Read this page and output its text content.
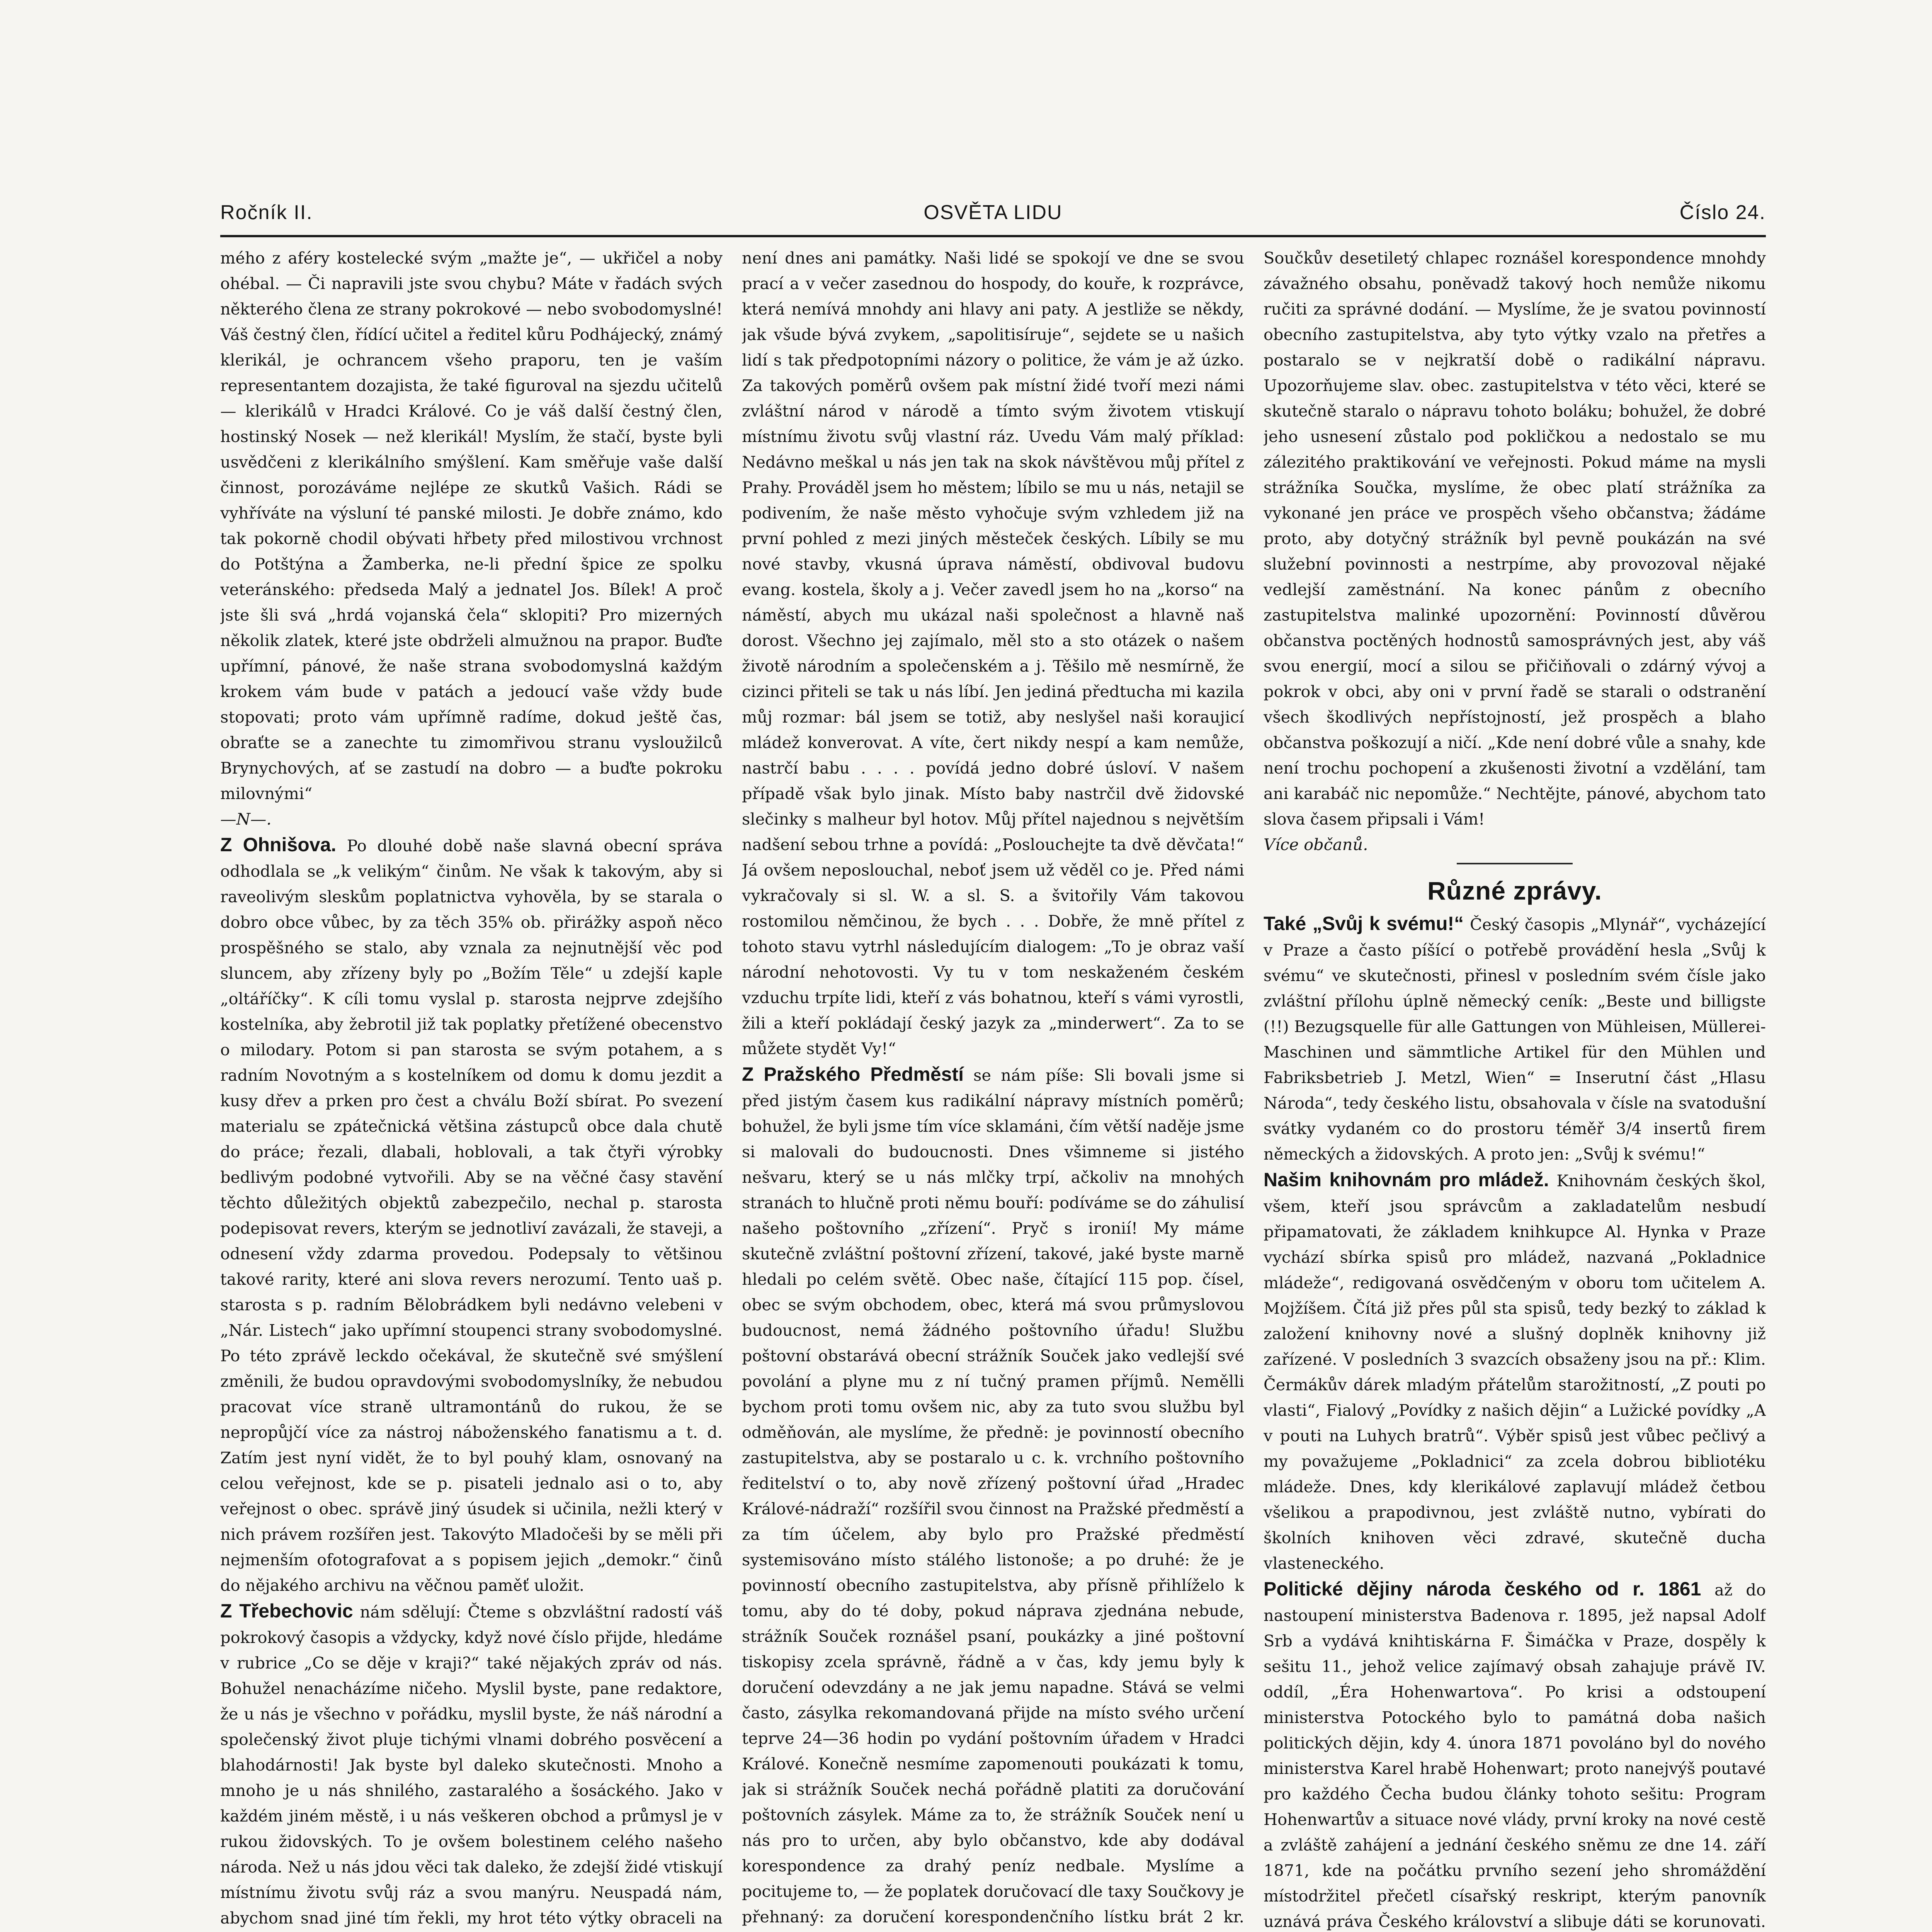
Ročník II.	OSVĚTA LIDU	Číslo 24.

mého z aféry kostelecké svým „mažte je“, — ukřičel a noby ohébal. — Či napravili jste svou chybu? Máte v řadách svých některého člena ze strany pokrokové — nebo svobodomyslné! Váš čestný člen, řídící učitel a ředitel kůru Podhájecký, známý klerikál, je ochrancem všeho praporu, ten je vaším representantem dozajista, že také figuroval na sjezdu učitelů — klerikálů v Hradci Králové. Co je váš další čestný člen, hostinský Nosek — než klerikál! Myslím, že stačí, byste byli usvědčeni z klerikálního smýšlení. Kam směřuje vaše další činnost, porozáváme nejlépe ze skutků Vašich. Rádi se vyhříváte na výsluní té panské milosti. Je dobře známo, kdo tak pokorně chodil obývati hřbety před milostivou vrchnost do Potštýna a Žamberka, ne-li přední špice ze spolku veteránského: předseda Malý a jednatel Jos. Bílek! A proč jste šli svá „hrdá vojanská čela“ sklopiti? Pro mizerných několik zlatek, které jste obdrželi almužnou na prapor. Buďte upřímní, pánové, že naše strana svobodomyslná každým krokem vám bude v patách a jedoucí vaše vždy bude stopovati; proto vám upřímně radíme, dokud ještě čas, obraťte se a zanechte tu zimomřivou stranu vysloužilců Brynychových, ať se zastudí na dobro — a buďte pokroku milovnými“

—N—.

Z Ohnišova. Po dlouhé době naše slavná obecní správa odhodlala se „k velikým“ činům. Ne však k takovým, aby si raveolivým sleskům poplatnictva vyhověla, by se starala o dobro obce vůbec, by za těch 35% ob. přirážky aspoň něco prospěšného se stalo, aby vznala za nejnutnější věc pod sluncem, aby zřízeny byly po „Božím Těle“ u zdejší kaple „oltáříčky“. K cíli tomu vyslal p. starosta nejprve zdejšího kostelníka, aby žebrotil již tak poplatky přetížené obecenstvo o milodary. Potom si pan starosta se svým potahem, a s radním Novotným a s kostelníkem od domu k domu jezdit a kusy dřev a prken pro čest a chválu Boží sbírat. Po svezení materialu se zpátečnická většina zástupců obce dala chutě do práce; řezali, dlabali, hoblovali, a tak čtyři výrobky bedlivým podobné vytvořili. Aby se na věčné časy stavění těchto důležitých objektů zabezpečilo, nechal p. starosta podepisovat revers, kterým se jednotliví zavázali, že staveji, a odnesení vždy zdarma provedou. Podepsaly to většinou takové rarity, které ani slova revers nerozumí. Tento uaš p. starosta s p. radním Bělobrádkem byli nedávno velebeni v „Nár. Listech“ jako upřímní stoupenci strany svobodomyslné. Po této zprávě leckdo očekával, že skutečně své smýšlení změnili, že budou opravdovými svobodomyslníky, že nebudou pracovat více straně ultramontánů do rukou, že se nepropůjčí více za nástroj náboženského fanatismu a t. d. Zatím jest nyní vidět, že to byl pouhý klam, osnovaný na celou veřejnost, kde se p. pisateli jednalo asi o to, aby veřejnost o obec. správě jiný úsudek si učinila, nežli který v nich právem rozšířen jest. Takovýto Mladočeši by se měli při nejmenším ofotografovat a s popisem jejich „demokr.“ činů do nějakého archivu na věčnou paměť uložit.

Z Třebechovic nám sdělují: Čteme s obzvláštní radostí váš pokrokový časopis a vždycky, když nové číslo přijde, hledáme v rubrice „Co se děje v kraji?“ také nějakých zpráv od nás. Bohužel nenacházíme ničeho. Myslil byste, pane redaktore, že u nás je všechno v pořádku, myslil byste, že náš národní a společenský život pluje tichými vlnami dobrého posvěcení a blahodárnosti! Jak byste byl daleko skutečnosti. Mnoho a mnoho je u nás shnilého, zastaralého a šosáckého. Jako v každém jiném městě, i u nás veškeren obchod a průmysl je v rukou židovských. To je ovšem bolestinem celého našeho národa. Než u nás jdou věci tak daleko, že zdejší židé vtiskují místnímu životu svůj ráz a svou manýru. Neuspadá nám, abychom snad jiné tím řekli, my hrot této výtky obraceli na

není dnes ani památky. Naši lidé se spokojí ve dne se svou prací a v večer zasednou do hospody, do kouře, k rozprávce, která nemívá mnohdy ani hlavy ani paty. A jestliže se někdy, jak všude bývá zvykem, „sapolitisíruje“, sejdete se u našich lidí s tak předpotopními názory o politice, že vám je až úzko. Za takových poměrů ovšem pak místní židé tvoří mezi námi zvláštní národ v národě a tímto svým životem vtiskují místnímu životu svůj vlastní ráz. Uvedu Vám malý příklad: Nedávno meškal u nás jen tak na skok návštěvou můj přítel z Prahy. Prováděl jsem ho městem; líbilo se mu u nás, netajil se podivením, že naše město vyhočuje svým vzhledem již na první pohled z mezi jiných městeček českých. Líbily se mu nové stavby, vkusná úprava náměstí, obdivoval budovu evang. kostela, školy a j. Večer zavedl jsem ho na „korso“ na náměstí, abych mu ukázal naši společnost a hlavně naš dorost. Všechno jej zajímalo, měl sto a sto otázek o našem životě národním a společenském a j. Těšilo mě nesmírně, že cizinci přiteli se tak u nás líbí. Jen jediná předtucha mi kazila můj rozmar: bál jsem se totiž, aby neslyšel naši koraujicí mládež konverovat. A víte, čert nikdy nespí a kam nemůže, nastrčí babu . . . . povídá jedno dobré úsloví. V našem případě však bylo jinak. Místo baby nastrčil dvě židovské slečinky s malheur byl hotov. Můj přítel najednou s největším nadšení sebou trhne a povídá: „Poslouchejte ta dvě děvčata!“ Já ovšem neposlouchal, neboť jsem už věděl co je. Před námi vykračovaly si sl. W. a sl. S. a švitořily Vám takovou rostomilou němčinou, že bych . . . Dobře, že mně přítel z tohoto stavu vytrhl následujícím dialogem: „To je obraz vaší národní nehotovosti. Vy tu v tom neskaženém českém vzduchu trpíte lidi, kteří z vás bohatnou, kteří s vámi vyrostli, žili a kteří pokládají český jazyk za „minderwert“. Za to se můžete stydět Vy!“

Z Pražského Předměstí se nám píše: Sli bovali jsme si před jistým časem kus radikální nápravy místních poměrů; bohužel, že byli jsme tím více sklamáni, čím větší naděje jsme si malovali do budoucnosti. Dnes všimneme si jistého nešvaru, který se u nás mlčky trpí, ačkoliv na mnohých stranách to hlučně proti němu bouří: podíváme se do záhulisí našeho poštovního „zřízení“. Pryč s ironií! My máme skutečně zvláštní poštovní zřízení, takové, jaké byste marně hledali po celém světě. Obec naše, čítající 115 pop. čísel, obec se svým obchodem, obec, která má svou průmyslovou budoucnost, nemá žádného poštovního úřadu! Službu poštovní obstarává obecní strážník Souček jako vedlejší své povolání a plyne mu z ní tučný pramen příjmů. Nemělli bychom proti tomu ovšem nic, aby za tuto svou službu byl odměňován, ale myslíme, že předně: je povinností obecního zastupitelstva, aby se postaralo u c. k. vrchního poštovního ředitelství o to, aby nově zřízený poštovní úřad „Hradec Králové-nádraží“ rozšířil svou činnost na Pražské předměstí a za tím účelem, aby bylo pro Pražské předměstí systemisováno místo stálého listonoše; a po druhé: že je povinností obecního zastupitelstva, aby přísně přihlíželo k tomu, aby do té doby, pokud náprava zjednána nebude, strážník Souček roznášel psaní, poukázky a jiné poštovní tiskopisy zcela správně, řádně a v čas, kdy jemu byly k doručení odevzdány a ne jak jemu napadne. Stává se velmi často, zásylka rekomandovaná přijde na místo svého určení teprve 24—36 hodin po vydání poštovním úřadem v Hradci Králové. Konečně nesmíme zapomenouti poukázati k tomu, jak si strážník Souček nechá pořádně platiti za doručování poštovních zásylek. Máme za to, že strážník Souček není u nás pro to určen, aby bylo občanstvo, kde aby dodával korespondence za drahý peníz nedbale. Myslíme a pocitujeme to, — že poplatek doručovací dle taxy Součkovy je přehnaný: za doručení korespondenčního lístku brát 2 kr.

Součkův desetiletý chlapec roznášel korespondence mnohdy závažného obsahu, poněvadž takový hoch nemůže nikomu ručiti za správné dodání. — Myslíme, že je svatou povinností obecního zastupitelstva, aby tyto výtky vzalo na přetřes a postaralo se v nejkratší době o radikální nápravu. Upozorňujeme slav. obec. zastupitelstva v této věci, které se skutečně staralo o nápravu tohoto boláku; bohužel, že dobré jeho usnesení zůstalo pod pokličkou a nedostalo se mu zálezitého praktikování ve veřejnosti. Pokud máme na mysli strážníka Součka, myslíme, že obec platí strážníka za vykonané jen práce ve prospěch všeho občanstva; žádáme proto, aby dotyčný strážník byl pevně poukázán na své služební povinnosti a nestrpíme, aby provozoval nějaké vedlejší zaměstnání. Na konec pánům z obecního zastupitelstva malinké upozornění: Povinností důvěrou občanstva poctěných hodnostů samosprávných jest, aby váš svou energií, mocí a silou se přičiňovali o zdárný vývoj a pokrok v obci, aby oni v první řadě se starali o odstranění všech škodlivých nepřístojností, jež prospěch a blaho občanstva poškozují a ničí. „Kde není dobré vůle a snahy, kde není trochu pochopení a zkušenosti životní a vzdělání, tam ani karabáč nic nepomůže.“ Nechtějte, pánové, abychom tato slova časem připsali i Vám!

Více občanů.

Různé zprávy.

Také „Svůj k svému!“ Český časopis „Mlynář“, vycházející v Praze a často píšící o potřebě provádění hesla „Svůj k svému“ ve skutečnosti, přinesl v posledním svém čísle jako zvláštní přílohu úplně německý ceník: „Beste und billigste (!!) Bezugsquelle für alle Gattungen von Mühleisen, Müllerei-Maschinen und sämmtliche Artikel für den Mühlen und Fabriksbetrieb J. Metzl, Wien“ = Inserutní část „Hlasu Národa“, tedy českého listu, obsahovala v čísle na svatodušní svátky vydaném co do prostoru téměř 3/4 insertů firem německých a židovských. A proto jen: „Svůj k svému!“

Našim knihovnám pro mládež. Knihovnám českých škol, všem, kteří jsou správcům a zakladatelům nesbudí připamatovati, že základem knihkupce Al. Hynka v Praze vychází sbírka spisů pro mládež, nazvaná „Pokladnice mládeže“, redigovaná osvědčeným v oboru tom učitelem A. Mojžíšem. Čítá již přes půl sta spisů, tedy bezký to základ k založení knihovny nové a slušný doplněk knihovny již zařízené. V posledních 3 svazcích obsaženy jsou na př.: Klim. Čermákův dárek mladým přátelům starožitností, „Z pouti po vlasti“, Fialový „Povídky z našich dějin“ a Lužické povídky „A v pouti na Luhych bratrů“. Výběr spisů jest vůbec pečlivý a my považujeme „Pokladnici“ za zcela dobrou bibliotéku mládeže. Dnes, kdy klerikálové zaplavují mládež četbou všelikou a prapodivnou, jest zvláště nutno, vybírati do školních knihoven věci zdravé, skutečně ducha vlasteneckého.

Politické dějiny národa českého od r. 1861 až do nastoupení ministerstva Badenova r. 1895, jež napsal Adolf Srb a vydává knihtiskárna F. Šimáčka v Praze, dospěly k sešitu 11., jehož velice zajímavý obsah zahajuje právě IV. oddíl, „Éra Hohenwartova“. Po krisi a odstoupení ministerstva Potockého bylo to památná doba našich politických dějin, kdy 4. února 1871 povoláno byl do nového ministerstva Karel hrabě Hohenwart; proto nanejvýš poutavé pro každého Čecha budou články tohoto sešitu: Program Hohenwartův a situace nové vlády, první kroky na nové cestě a zvláště zahájení a jednání českého sněmu ze dne 14. září 1871, kde na počátku prvního sezení jeho shromáždění místodržitel přečetl císařský reskript, kterým panovník uznává práva Českého království a slibuje dáti se korunovati.
